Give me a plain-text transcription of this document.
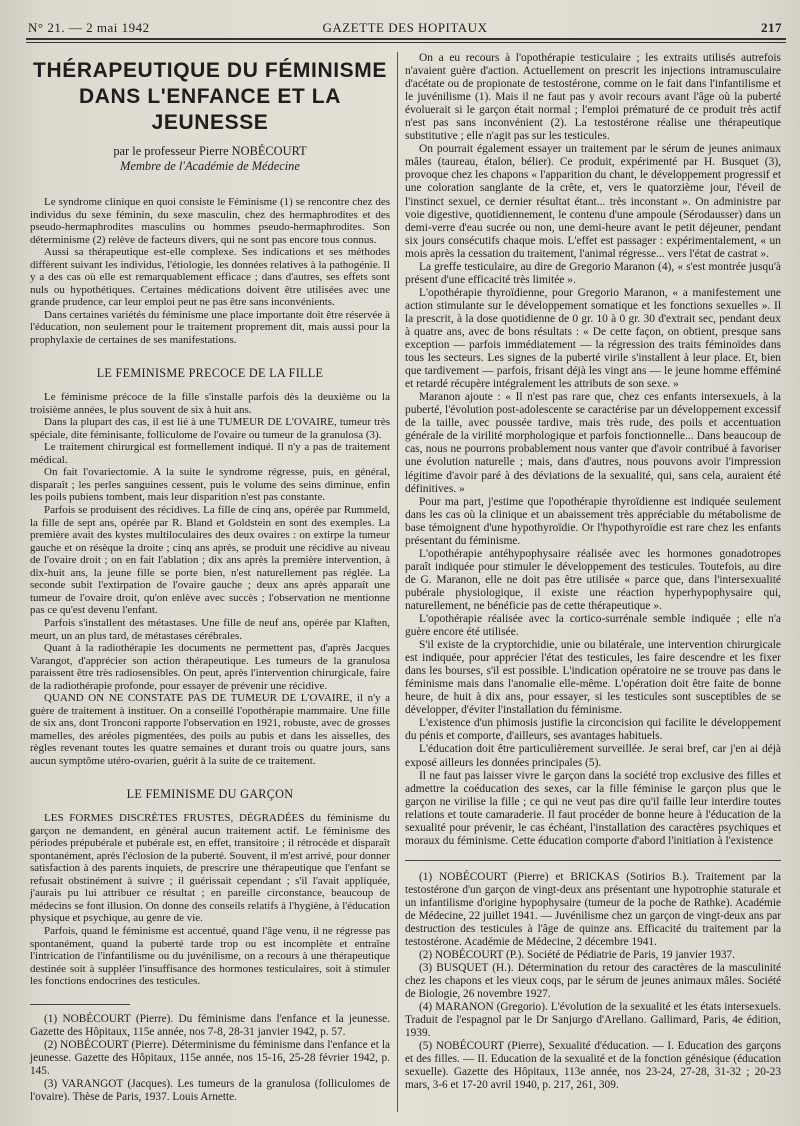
N° 21. — 2 mai 1942	GAZETTE DES HOPITAUX	217
THÉRAPEUTIQUE DU FÉMINISME DANS L'ENFANCE ET LA JEUNESSE
par le professeur Pierre NOBÉCOURT
Membre de l'Académie de Médecine

Le syndrome clinique en quoi consiste le Féminisme (1) se rencontre chez des individus du sexe féminin, du sexe masculin, chez des hermaphrodites et des pseudo-hermaphrodites masculins ou hommes pseudo-hermaphrodites. Son déterminisme (2) relève de facteurs divers, qui ne sont pas encore tous connus.

Aussi sa thérapeutique est-elle complexe. Ses indications et ses méthodes diffèrent suivant les individus, l'étiologie, les données relatives à la pathogénie. Il y a des cas où elle est remarquablement efficace ; dans d'autres, ses effets sont nuls ou hypothétiques. Certaines médications doivent être utilisées avec une grande prudence, car leur emploi peut ne pas être sans inconvénients.

Dans certaines variétés du féminisme une place importante doit être réservée à l'éducation, non seulement pour le traitement proprement dit, mais aussi pour la prophylaxie de certaines de ses manifestations.

LE FEMINISME PRECOCE DE LA FILLE

Le féminisme précoce de la fille s'installe parfois dès la deuxième ou la troisième années, le plus souvent de six à huit ans.

Dans la plupart des cas, il est lié à une TUMEUR DE L'OVAIRE, tumeur très spéciale, dite féminisante, folliculome de l'ovaire ou tumeur de la granulosa (3).

Le traitement chirurgical est formellement indiqué. Il n'y a pas de traitement médical.

On fait l'ovariectomie. A la suite le syndrome régresse, puis, en général, disparaît ; les perles sanguines cessent, puis le volume des seins diminue, enfin les poils pubiens tombent, mais leur disparition n'est pas constante.

Parfois se produisent des récidives. La fille de cinq ans, opérée par Rummeld, la fille de sept ans, opérée par R. Bland et Goldstein en sont des exemples. La première avait des kystes multiloculaires des deux ovaires : on extirpe la tumeur gauche et on résèque la droite ; cinq ans après, se produit une récidive au niveau de l'ovaire droit ; on en fait l'ablation ; dix ans après la première intervention, à dix-huit ans, la jeune fille se porte bien, n'est naturellement pas réglée. La seconde subit l'extirpation de l'ovaire gauche ; deux ans après apparaît une tumeur de l'ovaire droit, qu'on enlève avec succès ; l'observation ne mentionne pas ce qu'est devenu l'enfant.

Parfois s'installent des métastases. Une fille de neuf ans, opérée par Klaften, meurt, un an plus tard, de métastases cérébrales.

Quant à la radiothérapie les documents ne permettent pas, d'après Jacques Varangot, d'apprécier son action thérapeutique. Les tumeurs de la granulosa paraissent être très radiosensibles. On peut, après l'intervention chirurgicale, faire de la radiothérapie profonde, pour essayer de prévenir une récidive.

QUAND ON NE CONSTATE PAS DE TUMEUR DE L'OVAIRE, il n'y a guère de traitement à instituer. On a conseillé l'opothérapie mammaire. Une fille de six ans, dont Tronconi rapporte l'observation en 1921, robuste, avec de grosses mamelles, des aréoles pigmentées, des poils au pubis et dans les aisselles, des règles revenant toutes les quatre semaines et durant trois ou quatre jours, sans aucun symptôme utéro-ovarien, guérit à la suite de ce traitement.

LE FEMINISME DU GARÇON

LES FORMES DISCRÈTES FRUSTES, DÉGRADÉES du féminisme du garçon ne demandent, en général aucun traitement actif. Le féminisme des périodes prépubérale et pubérale est, en effet, transitoire ; il rétrocède et disparaît spontanément, après l'éclosion de la puberté. Souvent, il m'est arrivé, pour donner satisfaction à des parents inquiets, de prescrire une thérapeutique que l'enfant se refusait obstinément à suivre ; il guérissait cependant ; s'il l'avait appliquée, j'aurais pu lui attribuer ce résultat ; en pareille circonstance, beaucoup de médecins se font illusion. On donne des conseils relatifs à l'hygiène, à l'éducation physique et psychique, au genre de vie.

Parfois, quand le féminisme est accentué, quand l'âge venu, il ne régresse pas spontanément, quand la puberté tarde trop ou est incomplète et entraîne l'intrication de l'infantilisme ou du juvénilisme, on a recours à une thérapeutique destinée soit à suppléer l'insuffisance des hormones testiculaires, soit à stimuler les fonctions endocrines des testicules.

(1) NOBÉCOURT (Pierre). Du féminisme dans l'enfance et la jeunesse. Gazette des Hôpitaux, 115e année, nos 7-8, 28-31 janvier 1942, p. 57.

(2) NOBÉCOURT (Pierre). Déterminisme du féminisme dans l'enfance et la jeunesse. Gazette des Hôpitaux, 115e année, nos 15-16, 25-28 février 1942, p. 145.

(3) VARANGOT (Jacques). Les tumeurs de la granulosa (folliculomes de l'ovaire). Thèse de Paris, 1937. Louis Arnette.

On a eu recours à l'opothérapie testiculaire ; les extraits utilisés autrefois n'avaient guère d'action. Actuellement on prescrit les injections intramusculaire d'acétate ou de propionate de testostérone, comme on le fait dans l'infantilisme et le juvénilisme (1). Mais il ne faut pas y avoir recours avant l'âge où la puberté évoluerait si le garçon était normal ; l'emploi prématuré de ce produit très actif n'est pas sans inconvénient (2). La testostérone réalise une thérapeutique substitutive ; elle n'agit pas sur les testicules.

On pourrait également essayer un traitement par le sérum de jeunes animaux mâles (taureau, étalon, bélier). Ce produit, expérimenté par H. Busquet (3), provoque chez les chapons « l'apparition du chant, le développement progressif et une coloration sanglante de la crête, et, vers le quatorzième jour, l'éveil de l'instinct sexuel, ce dernier résultat étant... très inconstant ». On administre par voie digestive, quotidiennement, le contenu d'une ampoule (Sérodausser) dans un demi-verre d'eau sucrée ou non, une demi-heure avant le petit déjeuner, pendant six jours consécutifs chaque mois. L'effet est passager : expérimentalement, « un mois après la cessation du traitement, l'animal régresse... vers l'état de castrat ».

La greffe testiculaire, au dire de Gregorio Maranon (4), « s'est montrée jusqu'à présent d'une efficacité très limitée ».

L'opothérapie thyroïdienne, pour Gregorio Maranon, « a manifestement une action stimulante sur le développement somatique et les fonctions sexuelles ». Il la prescrit, à la dose quotidienne de 0 gr. 10 à 0 gr. 30 d'extrait sec, pendant deux à quatre ans, avec de bons résultats : « De cette façon, on obtient, presque sans exception — parfois immédiatement — la régression des traits féminoïdes dans tous les secteurs. Les signes de la puberté virile s'installent à leur place. Et, bien que tardivement — parfois, frisant déjà les vingt ans — le jeune homme efféminé et retardé récupère intégralement les attributs de son sexe. »

Maranon ajoute : « Il n'est pas rare que, chez ces enfants intersexuels, à la puberté, l'évolution post-adolescente se caractérise par un développement excessif de la taille, avec poussée tardive, mais très rude, des poils et accentuation générale de la virilité morphologique et parfois fonctionnelle... Dans beaucoup de cas, nous ne pourrons probablement nous vanter que d'avoir contribué à favoriser une évolution naturelle ; mais, dans d'autres, nous pouvons avoir l'impression légitime d'avoir paré à des déviations de la sexualité, qui, sans cela, auraient été définitives. »

Pour ma part, j'estime que l'opothérapie thyroïdienne est indiquée seulement dans les cas où la clinique et un abaissement très appréciable du métabolisme de base témoignent d'une hypothyroïdie. Or l'hypothyroïdie est rare chez les enfants présentant du féminisme.

L'opothérapie antéhypophysaire réalisée avec les hormones gonadotropes paraît indiquée pour stimuler le développement des testicules. Toutefois, au dire de G. Maranon, elle ne doit pas être utilisée « parce que, dans l'intersexualité pubérale physiologique, il existe une réaction hyperhypophysaire qui, naturellement, ne bénéficie pas de cette thérapeutique ».

L'opothérapie réalisée avec la cortico-surrénale semble indiquée ; elle n'a guère encore été utilisée.

S'il existe de la cryptorchidie, unie ou bilatérale, une intervention chirurgicale est indiquée, pour apprécier l'état des testicules, les faire descendre et les fixer dans les bourses, s'il est possible. L'indication opératoire ne se trouve pas dans le féminisme mais dans l'anomalie elle-même. L'opération doit être faite de bonne heure, de huit à dix ans, pour essayer, si les testicules sont susceptibles de se développer, d'éviter l'installation du féminisme.

L'existence d'un phimosis justifie la circoncision qui facilite le développement du pénis et comporte, d'ailleurs, ses avantages habituels.

L'éducation doit être particulièrement surveillée. Je serai bref, car j'en ai déjà exposé ailleurs les données principales (5).

Il ne faut pas laisser vivre le garçon dans la société trop exclusive des filles et admettre la coéducation des sexes, car la fille féminise le garçon plus que le garçon ne virilise la fille ; ce qui ne veut pas dire qu'il faille leur interdire toutes relations et toute camaraderie. Il faut procéder de bonne heure à l'éducation de la sexualité pour prévenir, le cas échéant, l'installation des caractères psychiques et moraux du féminisme. Cette éducation comporte d'abord l'initiation à l'existence

(1) NOBÉCOURT (Pierre) et BRICKAS (Sotirios B.). Traitement par la testostérone d'un garçon de vingt-deux ans présentant une hypotrophie staturale et un infantilisme d'origine hypophysaire (tumeur de la poche de Rathke). Académie de Médecine, 22 juillet 1941. — Juvénilisme chez un garçon de vingt-deux ans par destruction des testicules à l'âge de quinze ans. Efficacité du traitement par la testostérone. Académie de Médecine, 2 décembre 1941.

(2) NOBÉCOURT (P.). Société de Pédiatrie de Paris, 19 janvier 1937.

(3) BUSQUET (H.). Détermination du retour des caractères de la masculinité chez les chapons et les vieux coqs, par le sérum de jeunes animaux mâles. Société de Biologie, 26 novembre 1927.

(4) MARANON (Gregorio). L'évolution de la sexualité et les états intersexuels. Traduit de l'espagnol par le Dr Sanjurgo d'Arellano. Gallimard, Paris, 4e édition, 1939.

(5) NOBÉCOURT (Pierre), Sexualité d'éducation. — I. Education des garçons et des filles. — II. Education de la sexualité et de la fonction génésique (éducation sexuelle). Gazette des Hôpitaux, 113e année, nos 23-24, 27-28, 31-32 ; 20-23 mars, 3-6 et 17-20 avril 1940, p. 217, 261, 309.
